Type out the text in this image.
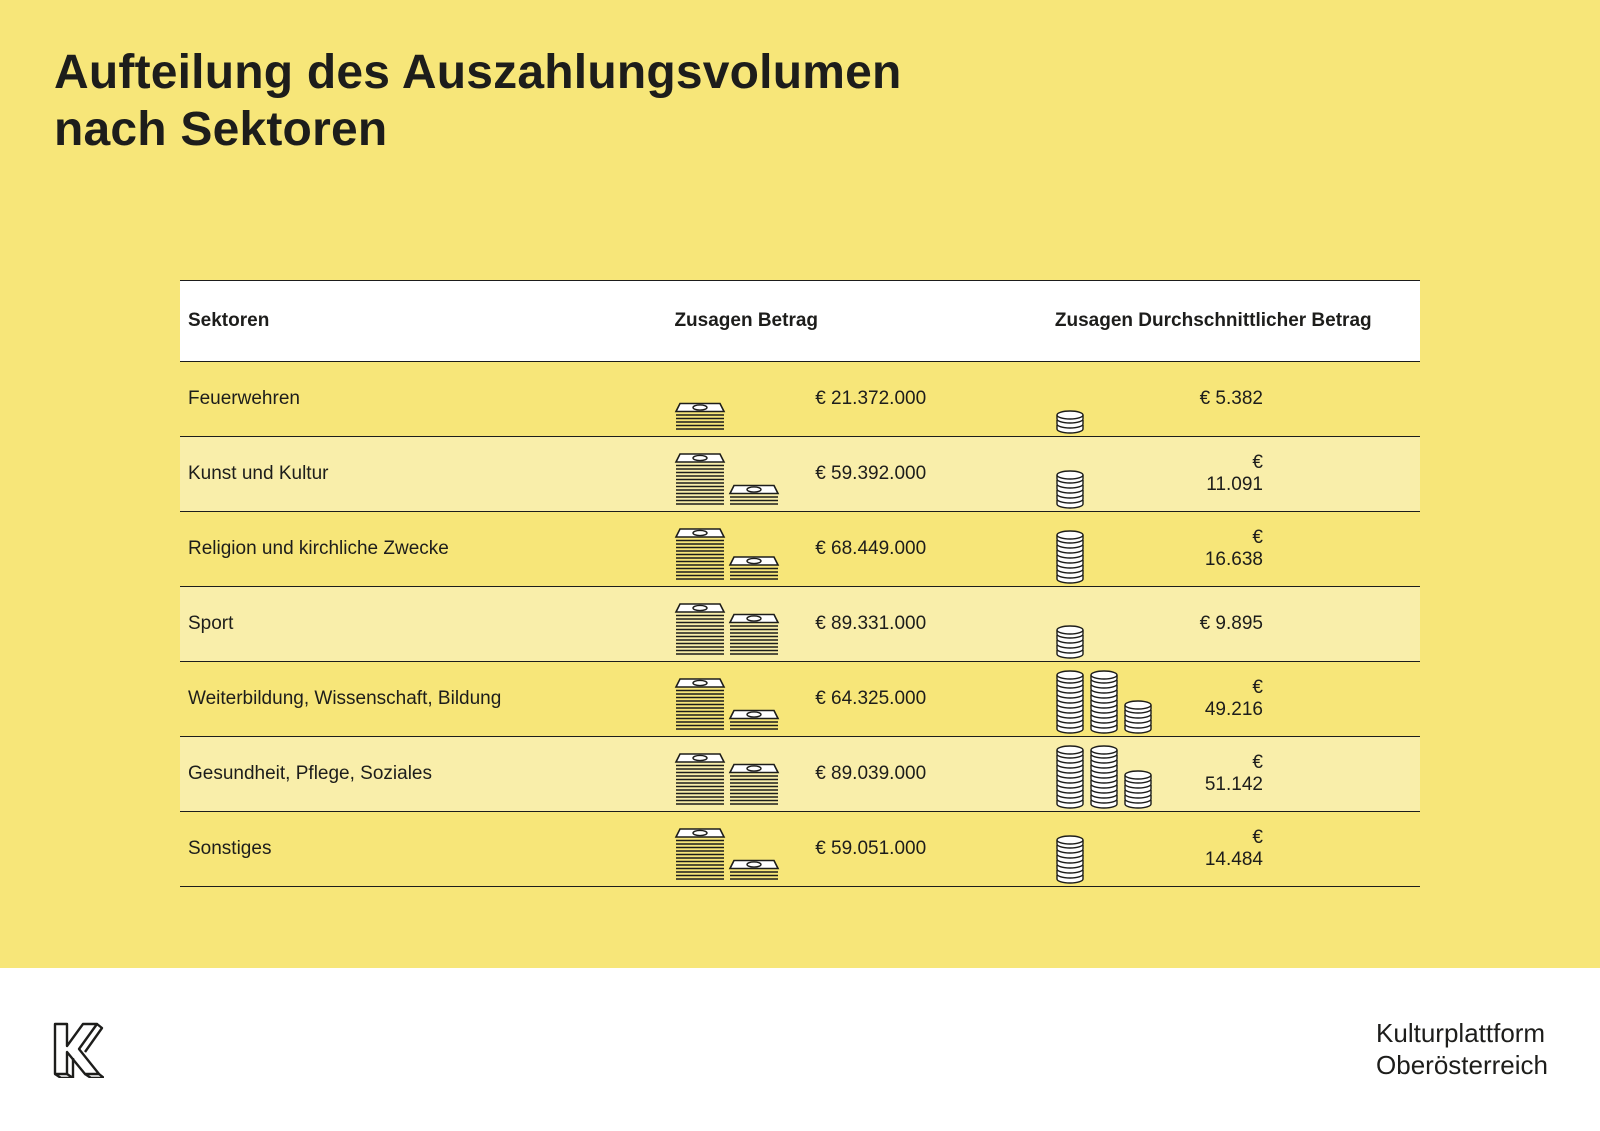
Aufteilung des Auszahlungsvolumen
nach Sektoren
Sektoren	Zusagen Betrag		Zusagen Durchschnittlicher Betrag	
Feuerwehren		€ 21.372.000		€ 5.382

Kunst und Kultur		€ 59.392.000		€ 11.091

Religion und kirchliche Zwecke		€ 68.449.000		€ 16.638

Sport		€ 89.331.000		€ 9.895

Weiterbildung, Wissenschaft, Bildung		€ 64.325.000		€ 49.216

Gesundheit, Pflege, Soziales		€ 89.039.000		€ 51.142

Sonstiges		€ 59.051.000		€ 14.484
Kulturplattform
Oberösterreich
